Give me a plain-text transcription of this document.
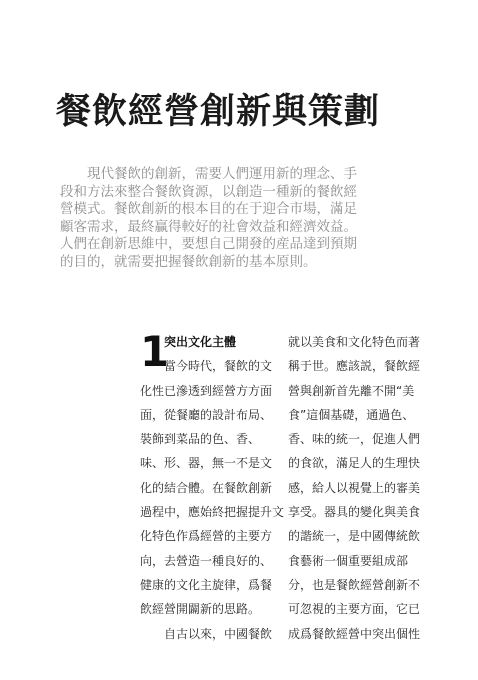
餐飲經營創新與策劃
　　現代餐飲的創新，需要人們運用新的理念、手
段和方法來整合餐飲資源，以創造一種新的餐飲經
營模式。餐飲創新的根本目的在于迎合市場，滿足
顧客需求，最終贏得較好的社會效益和經濟效益。
人們在創新思維中，要想自己開發的産品達到預期
的目的，就需要把握餐飲創新的基本原則。
1
突出文化主體
當今時代，餐飲的文
化性已滲透到經營方方面
面，從餐廳的設計布局、
裝飾到菜品的色、香、
味、形、器，無一不是文
化的結合體。在餐飲創新
過程中，應始終把握提升文
化特色作爲經營的主要方
向，去營造一種良好的、
健康的文化主旋律，爲餐
飲經營開闢新的思路。
　　自古以來，中國餐飲
就以美食和文化特色而著
稱于世。應該説，餐飲經
營與創新首先離不開“美
食”這個基礎，通過色、
香、味的統一，促進人們
的食欲，滿足人的生理快
感，給人以視覺上的審美
享受。器具的變化與美食
的諧統一，是中國傳統飲
食藝術一個重要組成部
分，也是餐飲經營創新不
可忽視的主要方面，它已
成爲餐飲經營中突出個性
